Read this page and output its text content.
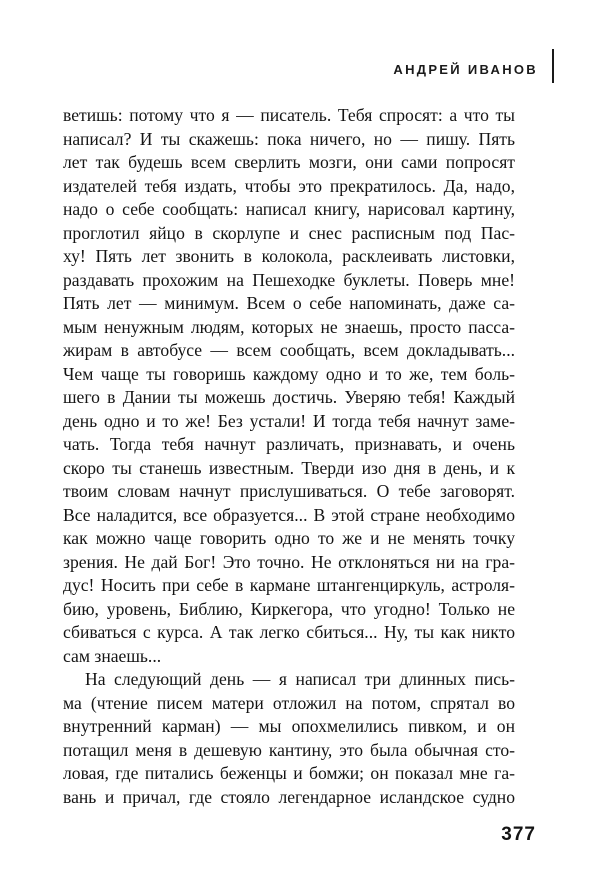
АНДРЕЙ ИВАНОВ
ветишь: потому что я — писатель. Тебя спросят: а что ты
написал? И ты скажешь: пока ничего, но — пишу. Пять
лет так будешь всем сверлить мозги, они сами попросят
издателей тебя издать, чтобы это прекратилось. Да, надо,
надо о себе сообщать: написал книгу, нарисовал картину,
проглотил яйцо в скорлупе и снес расписным под Пас-
ху! Пять лет звонить в колокола, расклеивать листовки,
раздавать прохожим на Пешеходке буклеты. Поверь мне!
Пять лет — минимум. Всем о себе напоминать, даже са-
мым ненужным людям, которых не знаешь, просто пасса-
жирам в автобусе — всем сообщать, всем докладывать...
Чем чаще ты говоришь каждому одно и то же, тем боль-
шего в Дании ты можешь достичь. Уверяю тебя! Каждый
день одно и то же! Без устали! И тогда тебя начнут заме-
чать. Тогда тебя начнут различать, признавать, и очень
скоро ты станешь известным. Тверди изо дня в день, и к
твоим словам начнут прислушиваться. О тебе заговорят.
Все наладится, все образуется... В этой стране необходимо
как можно чаще говорить одно то же и не менять точку
зрения. Не дай Бог! Это точно. Не отклоняться ни на гра-
дус! Носить при себе в кармане штангенциркуль, астроля-
бию, уровень, Библию, Киркегора, что угодно! Только не
сбиваться с курса. А так легко сбиться... Ну, ты как никто
сам знаешь...
На следующий день — я написал три длинных пись-
ма (чтение писем матери отложил на потом, спрятал во
внутренний карман) — мы опохмелились пивком, и он
потащил меня в дешевую кантину, это была обычная сто-
ловая, где питались беженцы и бомжи; он показал мне га-
вань и причал, где стояло легендарное исландское судно
377
